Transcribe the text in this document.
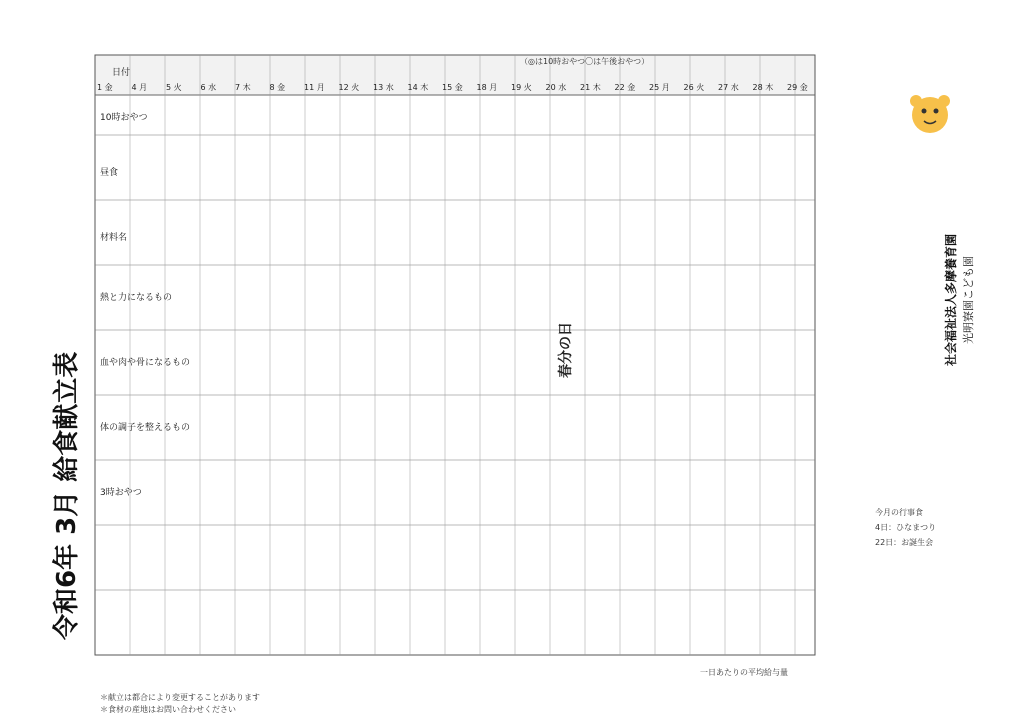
令和6年 3月 給食献立表
社会福祉法人多摩養育園 光明寮園こども園
日付
10時おやつ
昼食
材料名
熱と力になるもの
血や肉や骨になるもの
体の調子を整えるもの
3時おやつ
春分の日
（◎は10時おやつ〇は午後おやつ）
一日あたりの平均給与量
今月の行事食
4日：ひなまつり
22日：お誕生会
＊献立は都合により変更することがあります
＊食材の産地はお問い合わせください
1 金 4 月 5 火 6 水 7 木 8 金 11 月 12 火 13 水 14 木 15 金 18 月 19 火 20 水 21 木 22 金 25 月 26 火 27 水 28 木 29 金
